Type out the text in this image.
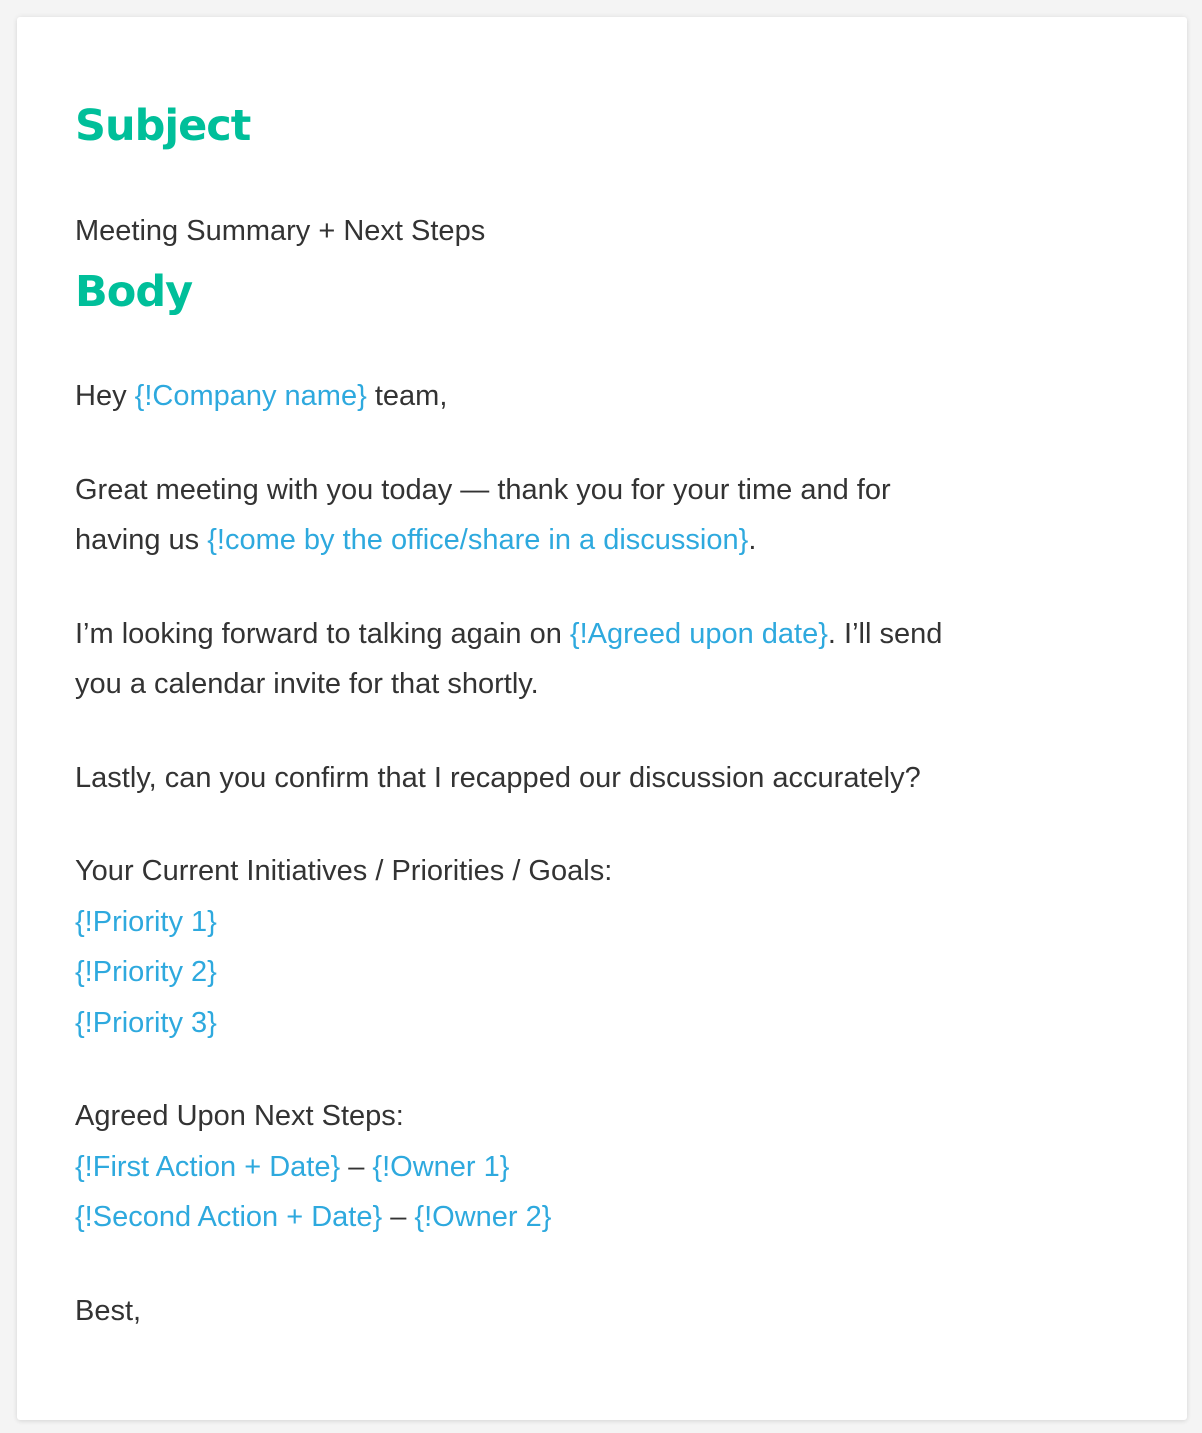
Subject

Meeting Summary + Next Steps

Body

Hey {!Company name} team,

Great meeting with you today — thank you for your time and for

having us {!come by the office/share in a discussion}.

I’m looking forward to talking again on {!Agreed upon date}. I’ll send

you a calendar invite for that shortly.

Lastly, can you confirm that I recapped our discussion accurately?

Your Current Initiatives / Priorities / Goals:

{!Priority 1}

{!Priority 2}

{!Priority 3}

Agreed Upon Next Steps:

{!First Action + Date} – {!Owner 1}

{!Second Action + Date} – {!Owner 2}

Best,
